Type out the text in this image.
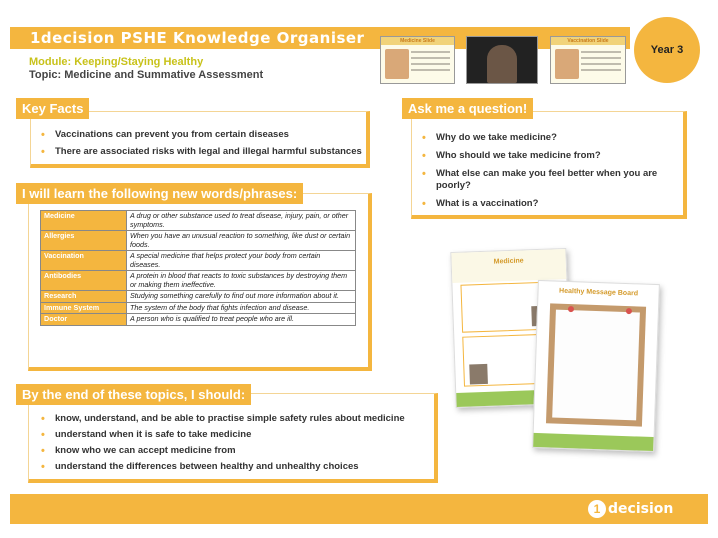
1decision PSHE Knowledge Organiser
Module: Keeping/Staying Healthy
Topic: Medicine and Summative Assessment
Medicine Slide	Vaccination Slide
Year 3
• Vaccinations can prevent you from certain diseases
• There are associated risks with legal and illegal harmful substances
Key Facts
I will learn the following new words/phrases:
Medicine	A drug or other substance used to treat disease, injury, pain, or other symptoms.
Allergies	When you have an unusual reaction to something, like dust or certain foods.
Vaccination	A special medicine that helps protect your body from certain diseases.
Antibodies	A protein in blood that reacts to toxic substances by destroying them or making them ineffective.
Research	Studying something carefully to find out more information about it.
Immune System	The system of the body that fights infection and disease.
Doctor	A person who is qualified to treat people who are ill.
• Why do we take medicine?
• Who should we take medicine from?
• What else can make you feel better when you are poorly?
• What is a vaccination?
Ask me a question!
Medicine
Healthy Message Board
• know, understand, and be able to practise simple safety rules about medicine
• understand when it is safe to take medicine
• know who we can accept medicine from
• understand the differences between healthy and unhealthy choices
By the end of these topics, I should:
1 decision
